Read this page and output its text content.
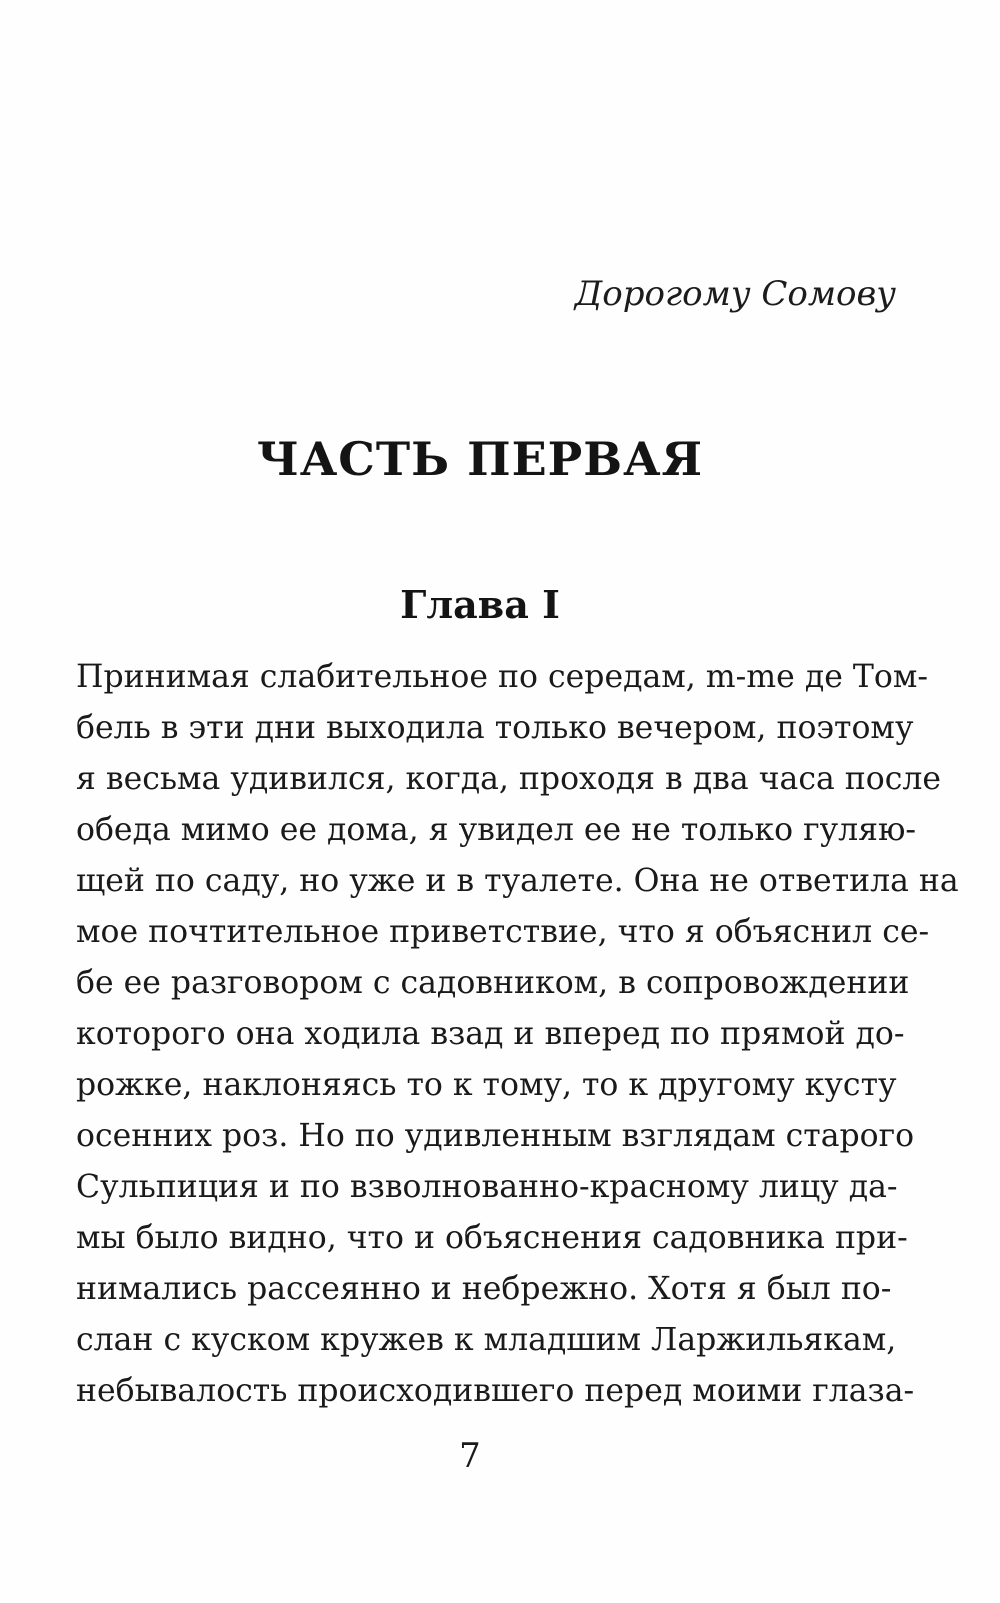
Дорогому Сомову
ЧАСТЬ ПЕРВАЯ
Глава I
Принимая слабительное по середам, m-me де Том-
бель в эти дни выходила только вечером, поэтому
я весьма удивился, когда, проходя в два часа после
обеда мимо ее дома, я увидел ее не только гуляю-
щей по саду, но уже и в туалете. Она не ответила на
мое почтительное приветствие, что я объяснил се-
бе ее разговором с садовником, в сопровождении
которого она ходила взад и вперед по прямой до-
рожке, наклоняясь то к тому, то к другому кусту
осенних роз. Но по удивленным взглядам старого
Сульпиция и по взволнованно-красному лицу да-
мы было видно, что и объяснения садовника при-
нимались рассеянно и небрежно. Хотя я был по-
слан с куском кружев к младшим Ларжильякам,
небывалость происходившего перед моими глаза-
7
